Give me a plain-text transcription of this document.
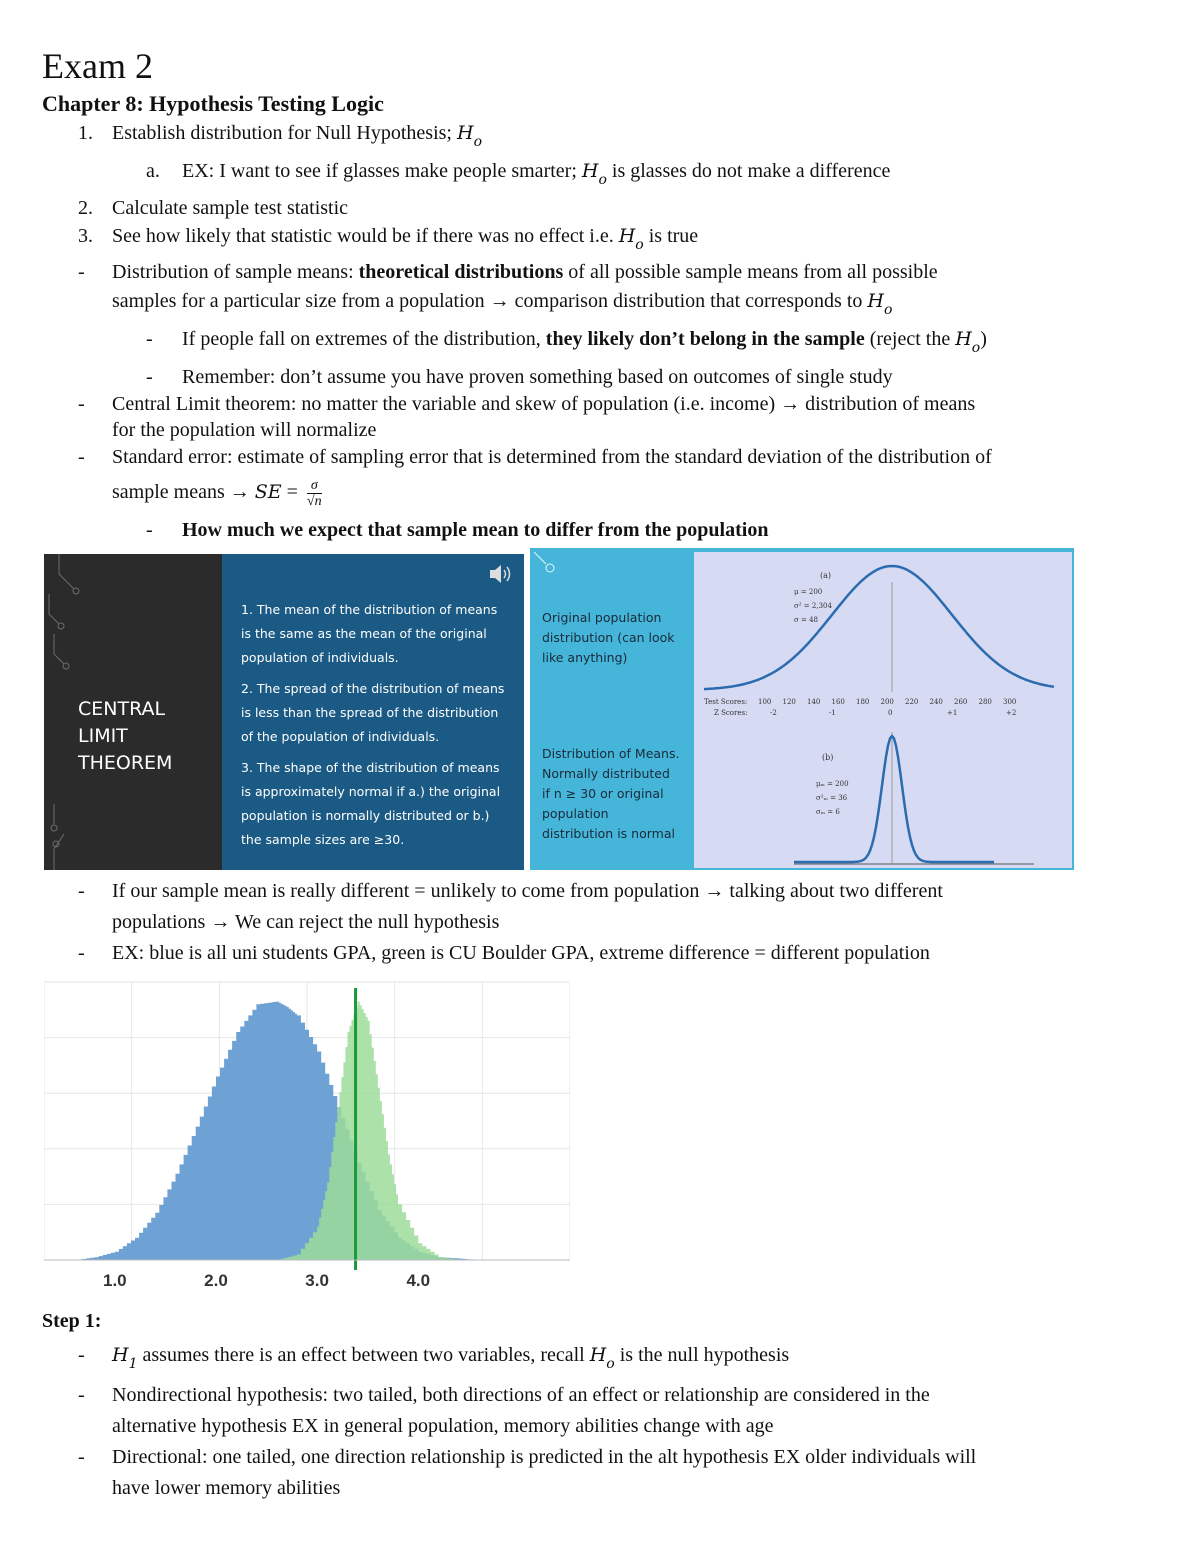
Exam 2
Chapter 8: Hypothesis Testing Logic
1. Establish distribution for Null Hypothesis; $H_o$
a. EX: I want to see if glasses make people smarter; $H_o$ is glasses do not make a difference
2. Calculate sample test statistic
3. See how likely that statistic would be if there was no effect i.e. $H_o$ is true
- Distribution of sample means: theoretical distributions of all possible sample means from all possible
samples for a particular size from a population → comparison distribution that corresponds to $H_o$
- If people fall on extremes of the distribution, they likely don’t belong in the sample (reject the $H_o$)
- Remember: don’t assume you have proven something based on outcomes of single study
- Central Limit theorem: no matter the variable and skew of population (i.e. income) → distribution of means
for the population will normalize
- Standard error: estimate of sampling error that is determined from the standard deviation of the distribution of
sample means → SE = $\frac{\sigma}{√n}$
- How much we expect that sample mean to differ from the population
CENTRAL
LIMIT
THEOREM
1. The mean of the distribution of means
is the same as the mean of the original
population of individuals.
2. The spread of the distribution of means
is less than the spread of the distribution
of the population of individuals.
3. The shape of the distribution of means
is approximately normal if a.) the original
population is normally distributed or b.)
the sample sizes are ≥30.
Original population
distribution (can look
like anything)
Distribution of Means.
Normally distributed
if n ≥ 30 or original
population
distribution is normal
(a)
μ = 200
σ² = 2,304
σ = 48
(b)
μₘ = 200
σ²ₘ = 36
σₘ = 6
Test Scores:
Z Scores:
100 120 140 160 180 200 220 240 260 280 300
-2	-1	0	+1	+2
- If our sample mean is really different = unlikely to come from population → talking about two different
populations → We can reject the null hypothesis
- EX: blue is all uni students GPA, green is CU Boulder GPA, extreme difference = different population
1.0	2.0	3.0	4.0
Step 1:
- $H_1$ assumes there is an effect between two variables, recall $H_o$ is the null hypothesis
- Nondirectional hypothesis: two tailed, both directions of an effect or relationship are considered in the
alternative hypothesis EX in general population, memory abilities change with age
- Directional: one tailed, one direction relationship is predicted in the alt hypothesis EX older individuals will
have lower memory abilities
